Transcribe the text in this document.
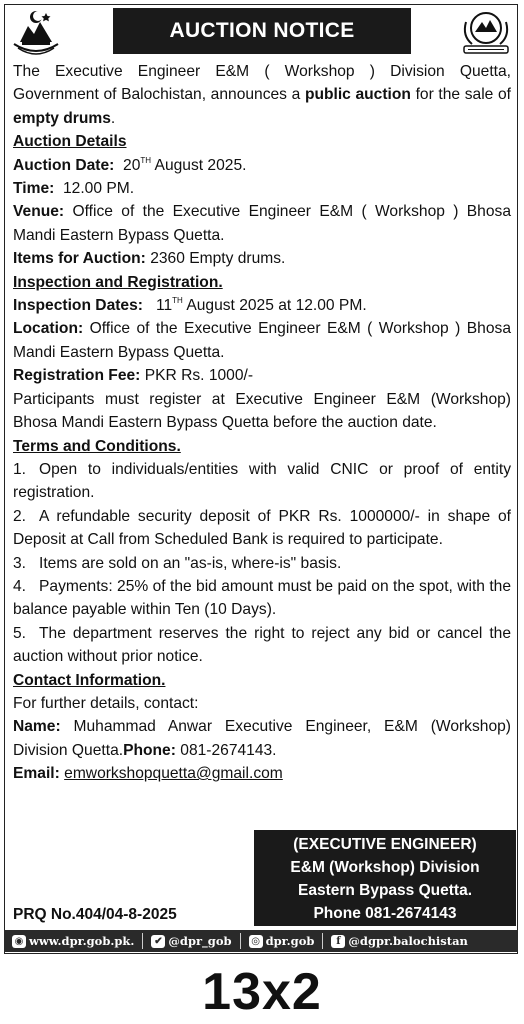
AUCTION NOTICE

The Executive Engineer E&M ( Workshop ) Division Quetta, Government of Balochistan, announces a public auction for the sale of empty drums.

Auction Details

Auction Date: 20TH August 2025.

Time: 12.00 PM.

Venue: Office of the Executive Engineer E&M ( Workshop ) Bhosa Mandi Eastern Bypass Quetta.

Items for Auction: 2360 Empty drums.

Inspection and Registration.

Inspection Dates: 11TH August 2025 at 12.00 PM.

Location: Office of the Executive Engineer E&M ( Workshop ) Bhosa Mandi Eastern Bypass Quetta.

Registration Fee: PKR Rs. 1000/-

Participants must register at Executive Engineer E&M (Workshop) Bhosa Mandi Eastern Bypass Quetta before the auction date.

Terms and Conditions.

1. Open to individuals/entities with valid CNIC or proof of entity registration.

2. A refundable security deposit of PKR Rs. 1000000/- in shape of Deposit at Call from Scheduled Bank is required to participate.

3. Items are sold on an "as-is, where-is" basis.

4. Payments: 25% of the bid amount must be paid on the spot, with the balance payable within Ten (10 Days).

5. The department reserves the right to reject any bid or cancel the auction without prior notice.

Contact Information.

For further details, contact:

Name: Muhammad Anwar Executive Engineer, E&M (Workshop) Division Quetta.Phone: 081-2674143.

Email: emworkshopquetta@gmail.com

(EXECUTIVE ENGINEER)
E&M (Workshop) Division
Eastern Bypass Quetta.
Phone 081-2674143
PRQ No.404/04-8-2025
◉ www.dpr.gob.pk. ✔ @dpr_gob ◎ dpr.gob	f @dgpr.balochistan
13x2
